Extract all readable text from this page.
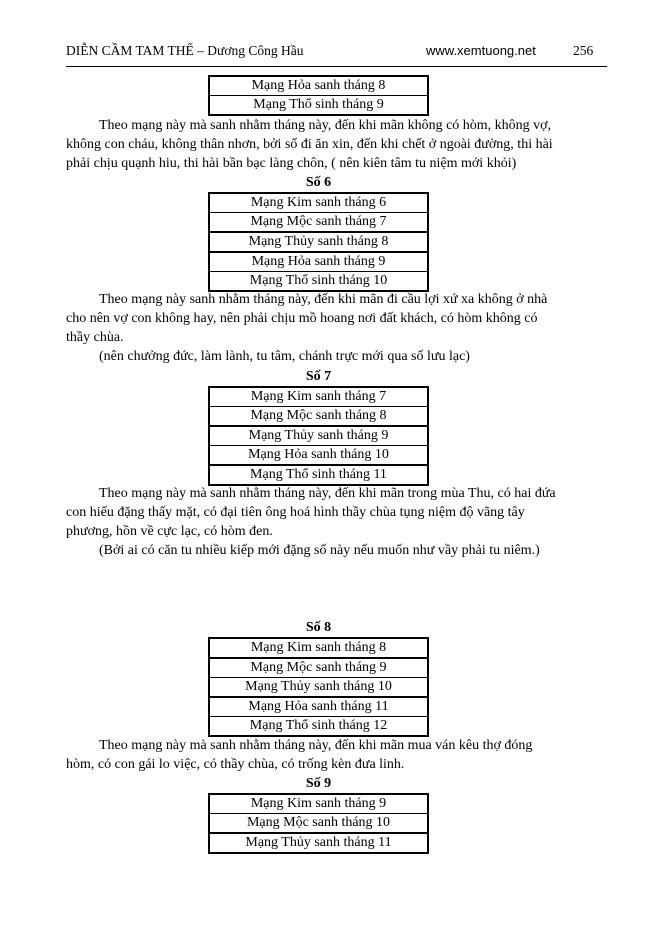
DIỄN CẦM TAM THẾ – Dương Công Hầu	www.xemtuong.net	256
Mạng Hỏa sanh tháng 8
Mạng Thổ sinh tháng 9
Theo mạng này mà sanh nhằm tháng này, đến khi mãn không có hòm, không vợ,
không con cháu, không thân nhơn, bởi số đi ăn xin, đến khi chết ở ngoài đường, thi hài
phải chịu quạnh hiu, thi hài bần bạc làng chôn, ( nên kiên tâm tu niệm mới khỏi)
Số 6
Mạng Kim sanh tháng 6
Mạng Mộc sanh tháng 7
Mạng Thủy sanh tháng 8
Mạng Hỏa sanh tháng 9
Mạng Thổ sinh tháng 10
Theo mạng này sanh nhằm tháng này, đến khi mãn đi cầu lợi xứ xa không ở nhà
cho nên vợ con không hay, nên phải chịu mồ hoang nơi đất khách, có hòm không có
thầy chùa.
(nên chưởng đức, làm lành, tu tâm, chánh trực mới qua số lưu lạc)
Số 7
Mạng Kim sanh tháng 7
Mạng Mộc sanh tháng 8
Mạng Thủy sanh tháng 9
Mạng Hỏa sanh tháng 10
Mạng Thổ sinh tháng 11
Theo mạng này mà sanh nhằm tháng này, đến khi mãn trong mùa Thu, có hai đứa
con hiếu đặng thấy mặt, có đại tiên ông hoá hình thầy chùa tụng niệm độ vãng tây
phương, hồn về cực lạc, có hòm đen.
(Bởi ai có căn tu nhiều kiếp mới đặng số này nếu muốn như vầy phải tu niêm.)
Số 8
Mạng Kim sanh tháng 8
Mạng Mộc sanh tháng 9
Mạng Thủy sanh tháng 10
Mạng Hỏa sanh tháng 11
Mạng Thổ sinh tháng 12
Theo mạng này mà sanh nhằm tháng này, đến khi mãn mua ván kêu thợ đóng
hòm, có con gái lo việc, có thầy chùa, có trống kèn đưa linh.
Số 9
Mạng Kim sanh tháng 9
Mạng Mộc sanh tháng 10
Mạng Thủy sanh tháng 11
